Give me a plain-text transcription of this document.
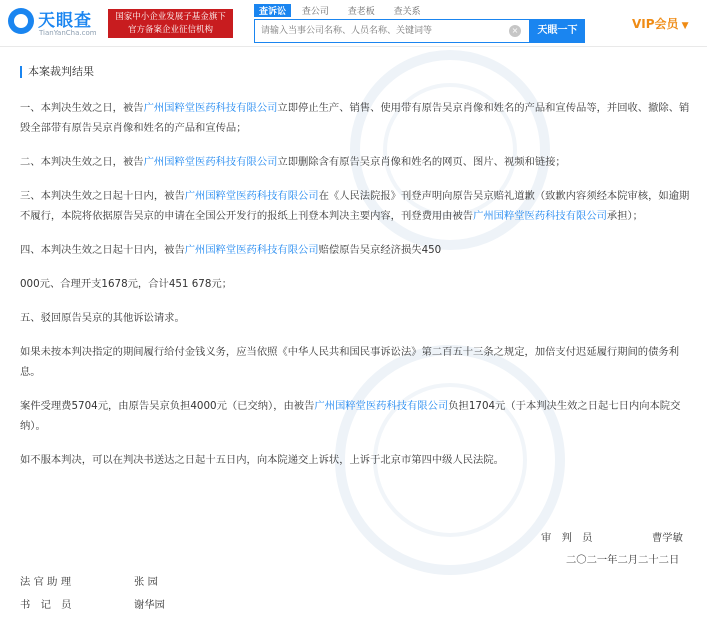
天眼查
TianYanCha.com
国家中小企业发展子基金旗下
官方备案企业征信机构
查诉讼 查公司 查老板 查关系
请输入当事公司名称、人员名称、关键词等
×	天眼一下	VIP会员 ▼
本案裁判结果

一、本判决生效之日，被告广州国粹堂医药科技有限公司立即停止生产、销售、使用带有原告吴京肖像和姓名的产品和宣传品等，并回收、撤除、销毁全部带有原告吴京肖像和姓名的产品和宣传品；

二、本判决生效之日，被告广州国粹堂医药科技有限公司立即删除含有原告吴京肖像和姓名的网页、图片、视频和链接；

三、本判决生效之日起十日内，被告广州国粹堂医药科技有限公司在《人民法院报》刊登声明向原告吴京赔礼道歉（致歉内容须经本院审核，如逾期不履行，本院将依据原告吴京的申请在全国公开发行的报纸上刊登本判决主要内容，刊登费用由被告广州国粹堂医药科技有限公司承担）；

四、本判决生效之日起十日内，被告广州国粹堂医药科技有限公司赔偿原告吴京经济损失450

000元、合理开支1678元，合计451 678元；

五、驳回原告吴京的其他诉讼请求。

如果未按本判决指定的期间履行给付金钱义务，应当依照《中华人民共和国民事诉讼法》第二百五十三条之规定，加倍支付迟延履行期间的债务利息。

案件受理费5704元，由原告吴京负担4000元（已交纳），由被告广州国粹堂医药科技有限公司负担1704元（于本判决生效之日起七日内向本院交纳）。

如不服本判决，可以在判决书送达之日起十五日内，向本院递交上诉状，上诉于北京市第四中级人民法院。

审　判　员	曹学敏
二〇二一年二月二十二日
法 官 助 理	张 园
书　记　员	谢华园
